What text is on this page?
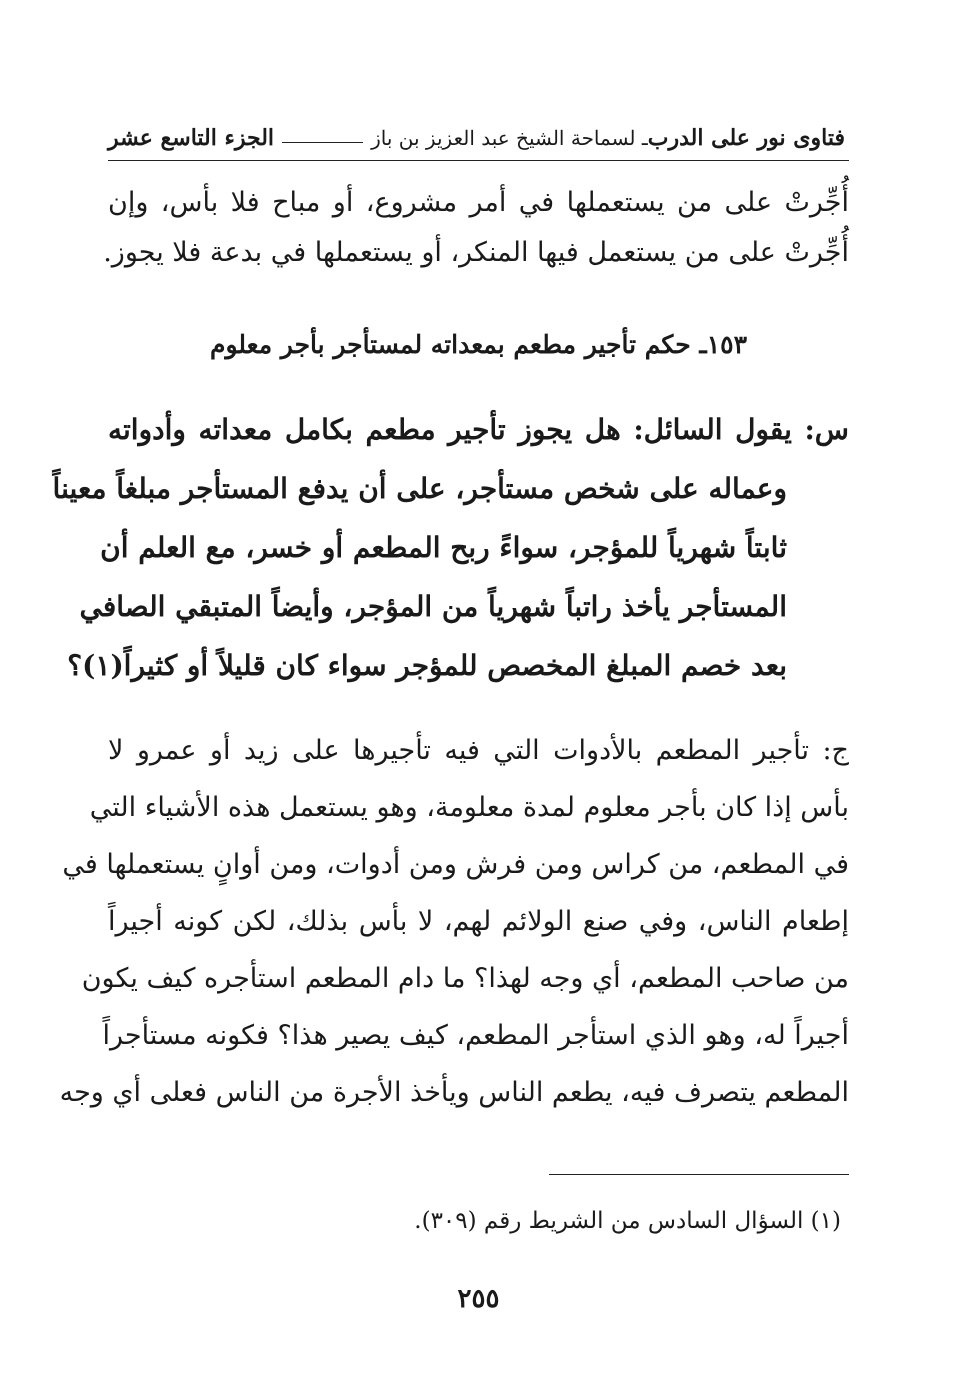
فتاوى نور على الدرب
ـ لسماحة الشيخ عبد العزيز بن باز
الجزء التاسع عشر
أُجِّرتْ على من يستعملها في أمر مشروع، أو مباح فلا بأس، وإن
أُجِّرتْ على من يستعمل فيها المنكر، أو يستعملها في بدعة فلا يجوز.
١٥٣ـ حكم تأجير مطعم بمعداته لمستأجر بأجر معلوم
س: يقول السائل: هل يجوز تأجير مطعم بكامل معداته وأدواته
وعماله على شخص مستأجر، على أن يدفع المستأجر مبلغاً معيناً
ثابتاً شهرياً للمؤجر، سواءً ربح المطعم أو خسر، مع العلم أن
المستأجر يأخذ راتباً شهرياً من المؤجر، وأيضاً المتبقي الصافي
بعد خصم المبلغ المخصص للمؤجر سواء كان قليلاً أو كثيراً(١)؟
ج: تأجير المطعم بالأدوات التي فيه تأجيرها على زيد أو عمرو لا
بأس إذا كان بأجر معلوم لمدة معلومة، وهو يستعمل هذه الأشياء التي
في المطعم، من كراس ومن فرش ومن أدوات، ومن أوانٍ يستعملها في
إطعام الناس، وفي صنع الولائم لهم، لا بأس بذلك، لكن كونه أجيراً
من صاحب المطعم، أي وجه لهذا؟ ما دام المطعم استأجره كيف يكون
أجيراً له، وهو الذي استأجر المطعم، كيف يصير هذا؟ فكونه مستأجراً
المطعم يتصرف فيه، يطعم الناس ويأخذ الأجرة من الناس فعلى أي وجه
(١) السؤال السادس من الشريط رقم (٣٠٩).
٢٥٥
